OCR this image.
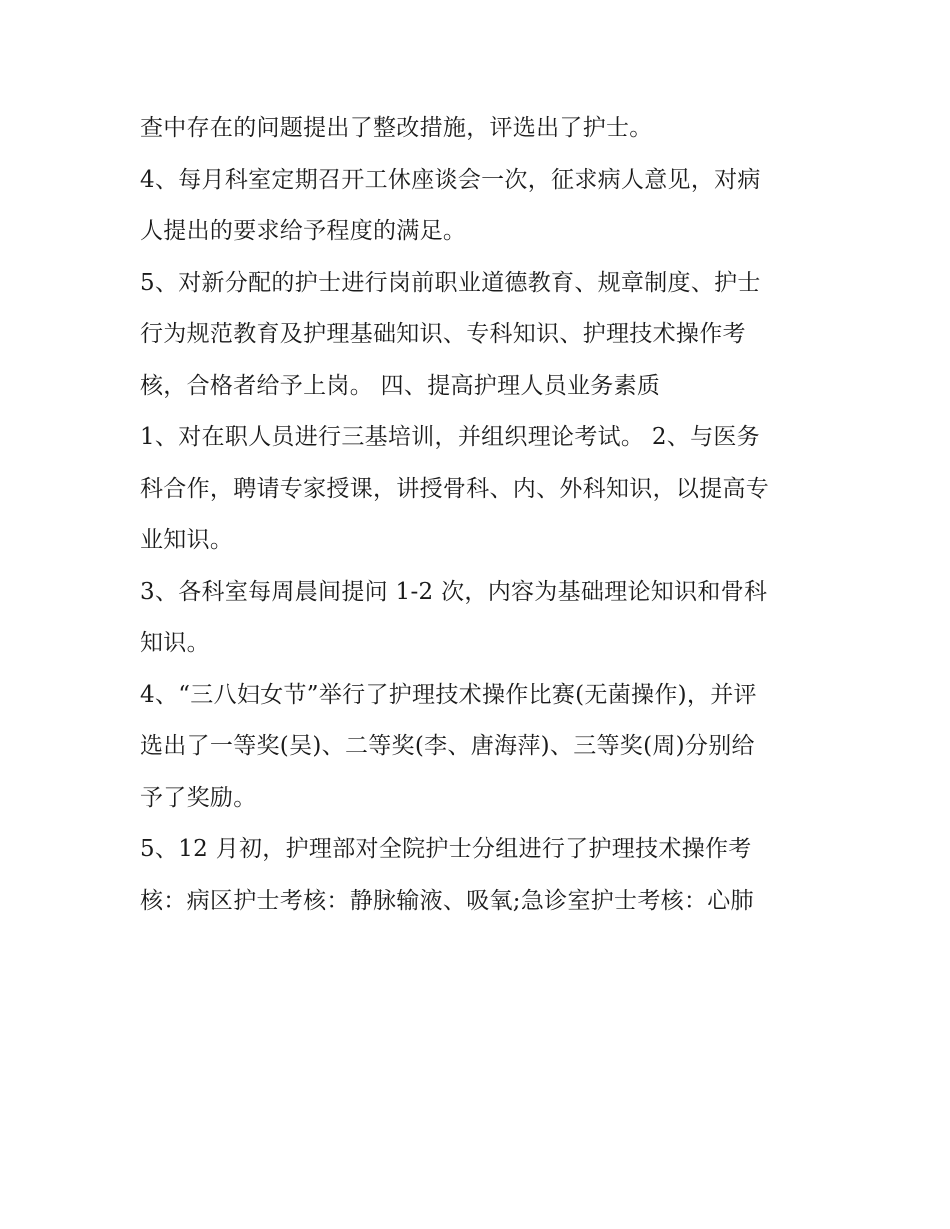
查中存在的问题提出了整改措施，评选出了护士。
4、每月科室定期召开工休座谈会一次，征求病人意见，对病
人提出的要求给予程度的满足。
5、对新分配的护士进行岗前职业道德教育、规章制度、护士
行为规范教育及护理基础知识、专科知识、护理技术操作考
核，合格者给予上岗。 四、提高护理人员业务素质
1、对在职人员进行三基培训，并组织理论考试。 2、与医务
科合作，聘请专家授课，讲授骨科、内、外科知识，以提高专
业知识。
3、各科室每周晨间提问 1-2 次，内容为基础理论知识和骨科
知识。
4、“三八妇女节”举行了护理技术操作比赛(无菌操作)，并评
选出了一等奖(吴)、二等奖(李、唐海萍)、三等奖(周)分别给
予了奖励。
5、12 月初，护理部对全院护士分组进行了护理技术操作考
核：病区护士考核：静脉输液、吸氧;急诊室护士考核：心肺
